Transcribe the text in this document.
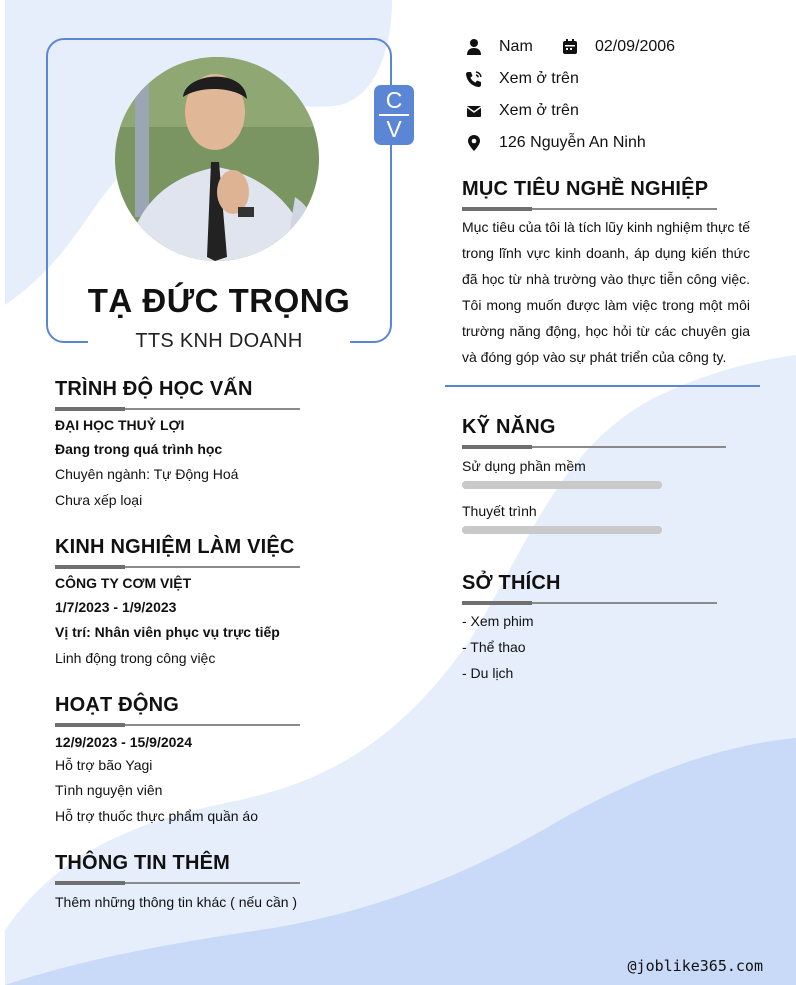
TẠ ĐỨC TRỌNG
TTS KNH DOANH
C
V
Nam	02/09/2006
Xem ở trên
Xem ở trên
126 Nguyễn An Ninh
MỤC TIÊU NGHỀ NGHIỆP
Mục tiêu của tôi là tích lũy kinh nghiệm thực tế trong lĩnh vực kinh doanh, áp dụng kiến thức đã học từ nhà trường vào thực tiễn công việc. Tôi mong muốn được làm việc trong một môi trường năng động, học hỏi từ các chuyên gia và đóng góp vào sự phát triển của công ty.
KỸ NĂNG
Sử dụng phần mềm
Thuyết trình
SỞ THÍCH
- Xem phim
- Thể thao
- Du lịch
TRÌNH ĐỘ HỌC VẤN
ĐẠI HỌC THUỶ LỢI
Đang trong quá trình học
Chuyên ngành: Tự Động Hoá
Chưa xếp loại
KINH NGHIỆM LÀM VIỆC
CÔNG TY CƠM VIỆT
1/7/2023 - 1/9/2023
Vị trí: Nhân viên phục vụ trực tiếp
Linh động trong công việc
HOẠT ĐỘNG
12/9/2023 - 15/9/2024
Hỗ trợ bão Yagi
Tình nguyện viên
Hỗ trợ thuốc thực phẩm quần áo
THÔNG TIN THÊM
Thêm những thông tin khác ( nếu cần )
@joblike365.com
